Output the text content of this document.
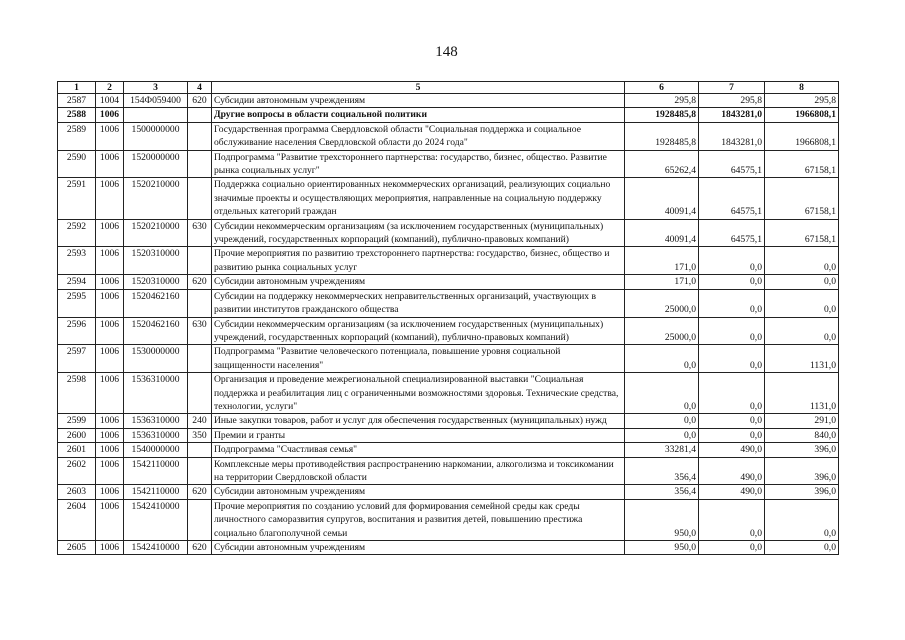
148
1	2	3	4	5	6	7	8
2587	1004	154Ф059400	620	Субсидии автономным учреждениям	295,8	295,8	295,8
2588	1006			Другие вопросы в области социальной политики	1928485,8	1843281,0	1966808,1
2589	1006	1500000000		Государственная программа Свердловской области "Социальная поддержка и социальное обслуживание населения Свердловской области до 2024 года"	1928485,8	1843281,0	1966808,1
2590	1006	1520000000		Подпрограмма "Развитие трехстороннего партнерства: государство, бизнес, общество. Развитие рынка социальных услуг"	65262,4	64575,1	67158,1
2591	1006	1520210000		Поддержка социально ориентированных некоммерческих организаций, реализующих социально значимые проекты и осуществляющих мероприятия, направленные на социальную поддержку отдельных категорий граждан	40091,4	64575,1	67158,1
2592	1006	1520210000	630	Субсидии некоммерческим организациям (за исключением государственных (муниципальных) учреждений, государственных корпораций (компаний), публично-правовых компаний)	40091,4	64575,1	67158,1
2593	1006	1520310000		Прочие мероприятия по развитию трехстороннего партнерства: государство, бизнес, общество и развитию рынка социальных услуг	171,0	0,0	0,0
2594	1006	1520310000	620	Субсидии автономным учреждениям	171,0	0,0	0,0
2595	1006	1520462160		Субсидии на поддержку некоммерческих неправительственных организаций, участвующих в развитии институтов гражданского общества	25000,0	0,0	0,0
2596	1006	1520462160	630	Субсидии некоммерческим организациям (за исключением государственных (муниципальных) учреждений, государственных корпораций (компаний), публично-правовых компаний)	25000,0	0,0	0,0
2597	1006	1530000000		Подпрограмма "Развитие человеческого потенциала, повышение уровня социальной защищенности населения"	0,0	0,0	1131,0
2598	1006	1536310000		Организация и проведение межрегиональной специализированной выставки "Социальная поддержка и реабилитация лиц с ограниченными возможностями здоровья. Технические средства, технологии, услуги"	0,0	0,0	1131,0
2599	1006	1536310000	240	Иные закупки товаров, работ и услуг для обеспечения государственных (муниципальных) нужд	0,0	0,0	291,0
2600	1006	1536310000	350	Премии и гранты	0,0	0,0	840,0
2601	1006	1540000000		Подпрограмма "Счастливая семья"	33281,4	490,0	396,0
2602	1006	1542110000		Комплексные меры противодействия распространению наркомании, алкоголизма и токсикомании на территории Свердловской области	356,4	490,0	396,0
2603	1006	1542110000	620	Субсидии автономным учреждениям	356,4	490,0	396,0
2604	1006	1542410000		Прочие мероприятия по созданию условий для формирования семейной среды как среды личностного саморазвития супругов, воспитания и развития детей, повышению престижа социально благополучной семьи	950,0	0,0	0,0
2605	1006	1542410000	620	Субсидии автономным учреждениям	950,0	0,0	0,0
